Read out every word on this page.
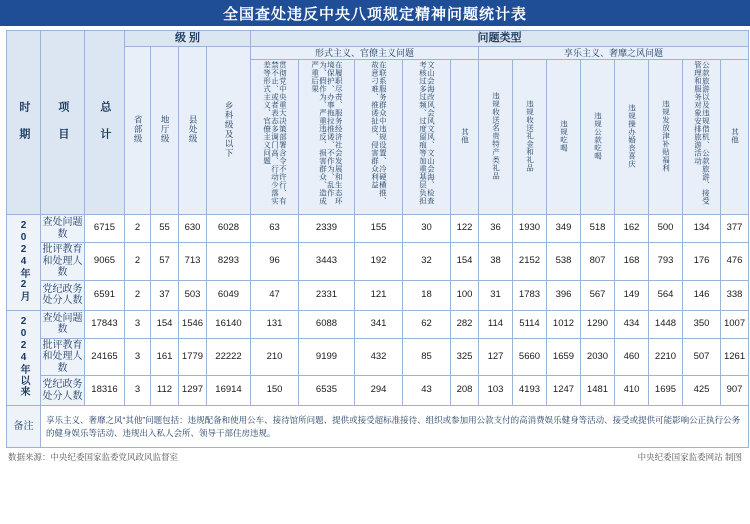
全国查处违反中央八项规定精神问题统计表
时 期	项 目	总 计	级 别				问题类型												
			省部级	地厅级	县处级	乡科级及以下	形式主义、官僚主义问题					享乐主义、奢靡之风问题							
							贯彻党中央重大决策部署含令不许行、有禁不止、或者表态多调门高、行动少落实差等形式主义、官僚主义问题	在履职尽责、服务经济社会发展和生态环境保护、办事拖拉推诿、不作为、乱作为、假作为、严重违反、损害群众、造成严重后果	在联系服务群众中违规设置、冷硬横推、故意刁难、推诿扯皮、侵害群众利益	文山会海改风会风文风、文山会海、检查考核过多过频、过度留痕等加重基层负担	其他	违规收送名贵特产类礼品	违规收送礼金和礼品	违规吃喝	违规公款吃喝	违规操办婚丧喜庆	违规发放津补贴福利	公款旅游以及违规借机、公款旅游、接受管理和服务对象安排旅游活动	其他
2024年2月	查处问题数	6715	2	55	630	6028	63	2339	155	30	122	36	1930	349	518	162	500	134	377
	批评教育和处理人数	9065	2	57	713	8293	96	3443	192	32	154	38	2152	538	807	168	793	176	476
	党纪政务处分人数	6591	2	37	503	6049	47	2331	121	18	100	31	1783	396	567	149	564	146	338
2024年以来	查处问题数	17843	3	154	1546	16140	131	6088	341	62	282	114	5114	1012	1290	434	1448	350	1007
	批评教育和处理人数	24165	3	161	1779	22222	210	9199	432	85	325	127	5660	1659	2030	460	2210	507	1261
	党纪政务处分人数	18316	3	112	1297	16914	150	6535	294	43	208	103	4193	1247	1481	410	1695	425	907
备注	享乐主义、奢靡之风“其他”问题包括：违规配备和使用公车、接待馆所问题、提供或接受超标准接待、组织或参加用公款支付的高消费娱乐健身等活动、接受或提供可能影响公正执行公务的健身娱乐等活动、违规出入私人会所、领导干部住房违规。																		
数据来源：中央纪委国家监委党风政风监督室	中央纪委国家监委网站 制图
